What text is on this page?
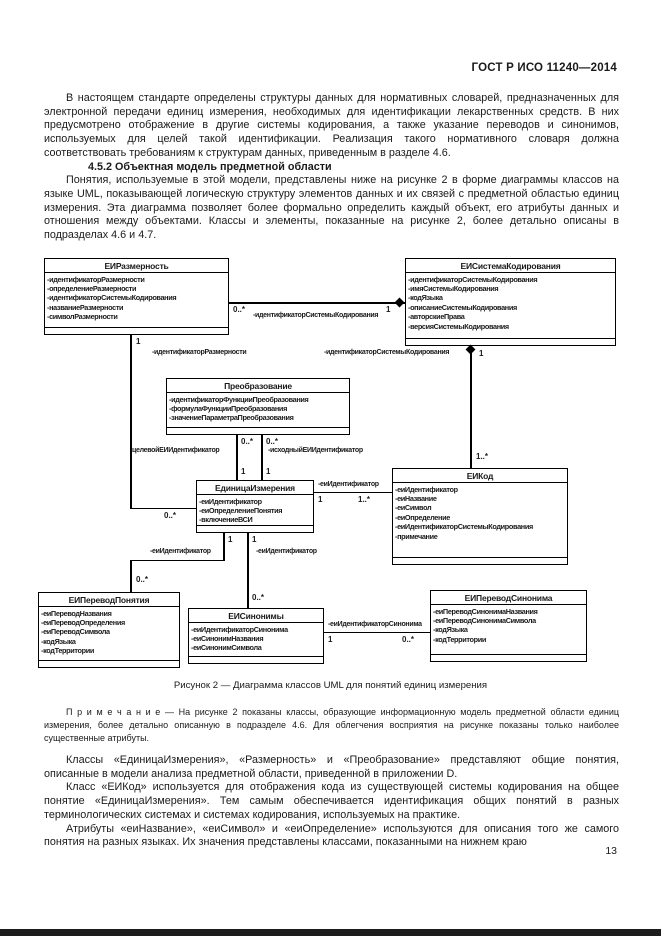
ГОСТ Р ИСО 11240—2014

В настоящем стандарте определены структуры данных для нормативных словарей, предназначенных для электронной передачи единиц измерения, необходимых для идентификации лекарственных средств. В них предусмотрено отображение в другие системы кодирования, а также указание переводов и синонимов, используемых для целей такой идентификации. Реализация такого нормативного словаря должна соответствовать требованиям к структурам данных, приведенным в разделе 4.6.

4.5.2 Объектная модель предметной области

Понятия, используемые в этой модели, представлены ниже на рисунке 2 в форме диаграммы классов на языке UML, показывающей логическую структуру элементов данных и их связей с предметной областью единиц измерения. Эта диаграмма позволяет более формально определить каждый объект, его атрибуты данных и отношения между объектами. Классы и элементы, показанные на рисунке 2, более детально описаны в подразделах 4.6 и 4.7.

ЕИРазмерность
-идентификаторРазмерности
-определениеРазмерности
-идентификаторСистемыКодирования
-названиеРазмерности
-символРазмерности
ЕИСистемаКодирования
-идентификаторСистемыКодирования
-имяСистемыКодирования
-кодЯзыка
-описаниеСистемыКодирования
-авторскиеПрава
-версияСистемыКодирования
Преобразование
-идентификаторФункцииПреобразования
-формулаФункцииПреобразования
-значениеПараметраПреобразования
ЕдиницаИзмерения
-еиИдентификатор
-еиОпределениеПонятия
-включениеВСИ
ЕИКод
-еиИдентификатор
-еиНазвание
-еиСимвол
-еиОпределение
-еиИдентификаторСистемыКодирования
-примечание
ЕИПереводПонятия
-еиПереводНазвания
-еиПереводОпределения
-еиПереводСимвола
-кодЯзыка
-кодТерритории
ЕИСинонимы
-еиИдентификаторСинонима
-еиСинонимНазвания
-еиСинонимСимвола
ЕИПереводСинонима
-еиПереводСинонимаНазвания
-еиПереводСинонимаСимвола
-кодЯзыка
-кодТерритории
0..*	1
-идентификаторСистемыКодирования
1
-идентификаторРазмерности
0..*
1
-идентификаторСистемыКодирования
1..*
0..*
1
-целевойЕИИдентификатор
0..*
1
-исходныйЕИИдентификатор
-еиИдентификатор
1	1..*
1
-еиИдентификатор
0..*
1
-еиИдентификатор
0..*
-еиИдентификаторСинонима
1	0..*
Рисунок 2 — Диаграмма классов UML для понятий единиц измерения

П р и м е ч а н и е — На рисунке 2 показаны классы, образующие информационную модель предметной области единиц измерения, более детально описанную в подразделе 4.6. Для облегчения восприятия на рисунке показаны только наиболее существенные атрибуты.

Классы «ЕдиницаИзмерения», «Размерность» и «Преобразование» представляют общие понятия, описанные в модели анализа предметной области, приведенной в приложении D.

Класс «ЕИКод» используется для отображения кода из существующей системы кодирования на общее понятие «ЕдиницаИзмерения». Тем самым обеспечивается идентификация общих понятий в разных терминологических системах и системах кодирования, используемых на практике.

Атрибуты «еиНазвание», «еиСимвол» и «еиОпределение» используются для описания того же самого понятия на разных языках. Их значения представлены классами, показанными на нижнем краю

13
